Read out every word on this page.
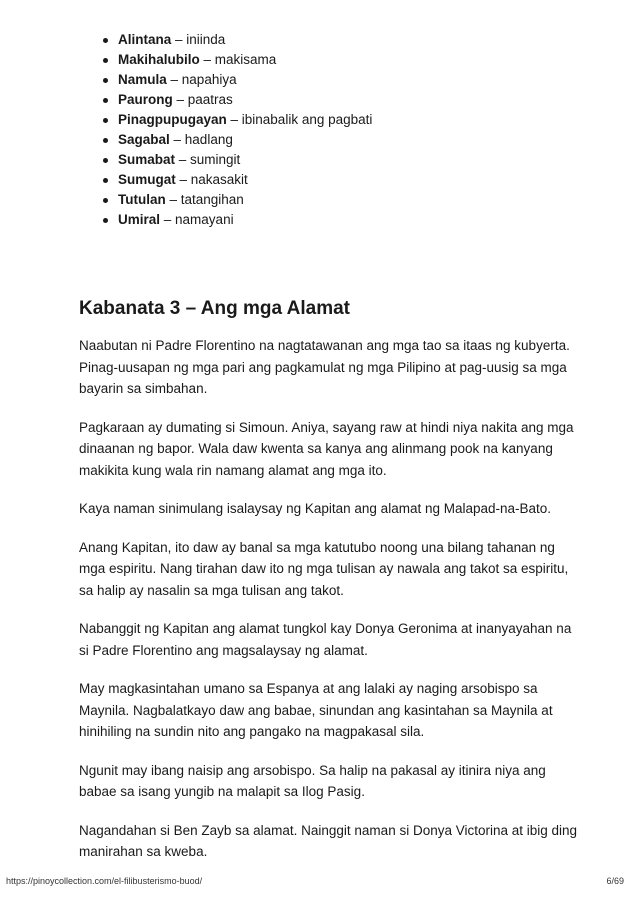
Alintana – iniinda
Makihalubilo – makisama
Namula – napahiya
Paurong – paatras
Pinagpupugayan – ibinabalik ang pagbati
Sagabal – hadlang
Sumabat – sumingit
Sumugat – nakasakit
Tutulan – tatangihan
Umiral – namayani
Kabanata 3 – Ang mga Alamat

Naabutan ni Padre Florentino na nagtatawanan ang mga tao sa itaas ng kubyerta. Pinag-uusapan ng mga pari ang pagkamulat ng mga Pilipino at pag-uusig sa mga bayarin sa simbahan.

Pagkaraan ay dumating si Simoun. Aniya, sayang raw at hindi niya nakita ang mga dinaanan ng bapor. Wala daw kwenta sa kanya ang alinmang pook na kanyang makikita kung wala rin namang alamat ang mga ito.

Kaya naman sinimulang isalaysay ng Kapitan ang alamat ng Malapad-na-Bato.

Anang Kapitan, ito daw ay banal sa mga katutubo noong una bilang tahanan ng mga espiritu. Nang tirahan daw ito ng mga tulisan ay nawala ang takot sa espiritu, sa halip ay nasalin sa mga tulisan ang takot.

Nabanggit ng Kapitan ang alamat tungkol kay Donya Geronima at inanyayahan na si Padre Florentino ang magsalaysay ng alamat.

May magkasintahan umano sa Espanya at ang lalaki ay naging arsobispo sa Maynila. Nagbalatkayo daw ang babae, sinundan ang kasintahan sa Maynila at hinihiling na sundin nito ang pangako na magpakasal sila.

Ngunit may ibang naisip ang arsobispo. Sa halip na pakasal ay itinira niya ang babae sa isang yungib na malapit sa Ilog Pasig.

Nagandahan si Ben Zayb sa alamat. Nainggit naman si Donya Victorina at ibig ding manirahan sa kweba.

https://pinoycollection.com/el-filibusterismo-buod/	6/69
